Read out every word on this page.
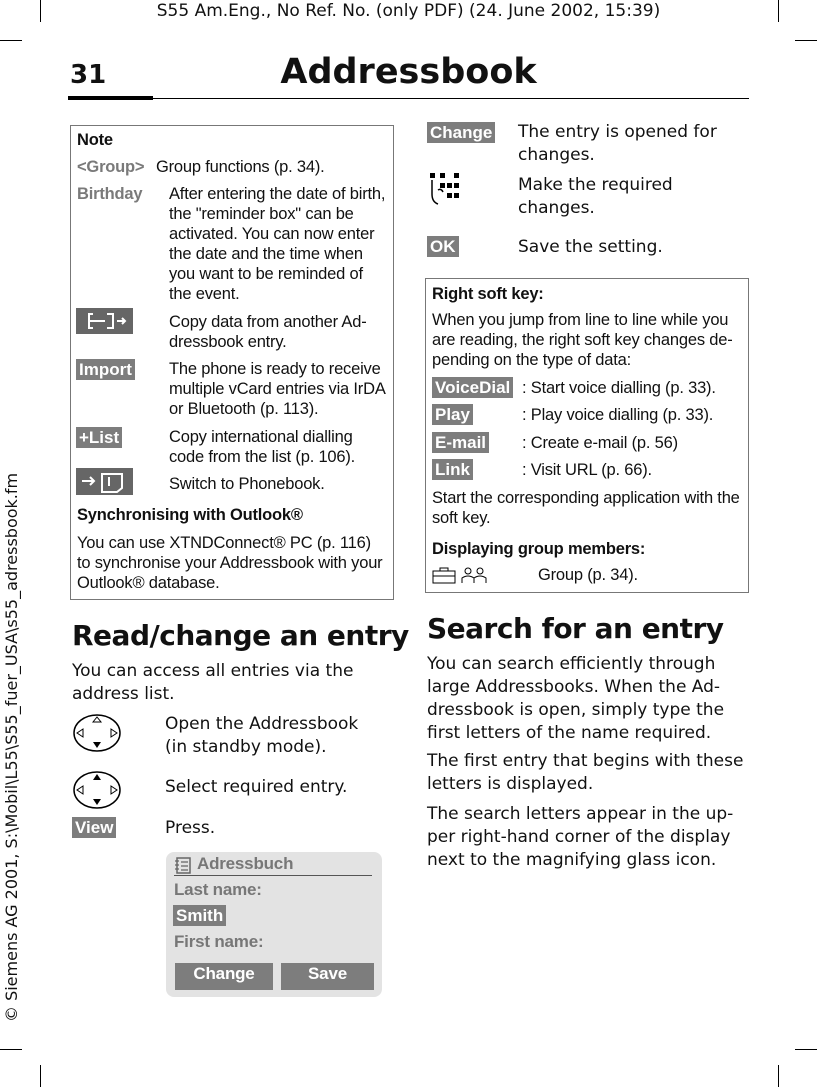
S55 Am.Eng., No Ref. No. (only PDF) (24. June 2002, 15:39)
© Siemens AG 2001, S:\Mobil\L55\S55_fuer_USA\s55_adressbook.fm
31	Addressbook
Note
<Group> Group functions (p. 34).
Birthday After entering the date of birth,
the "reminder box" can be
activated. You can now enter
the date and the time when
you want to be reminded of
the event.
Copy data from another Ad-
dressbook entry.
Import The phone is ready to receive
multiple vCard entries via IrDA
or Bluetooth (p. 113).
+List	Copy international dialling
code from the list (p. 106).
Switch to Phonebook.
Synchronising with Outlook®
You can use XTNDConnect® PC (p. 116)
to synchronise your Addressbook with your
Outlook® database.
Read/change an entry
You can access all entries via the
address list.
Open the Addressbook
(in standby mode).
Select required entry.
View	Press.
Adressbuch
Last name:
Smith
First name:
Change	Save
Change The entry is opened for
changes.
Make the required
changes.
OK	Save the setting.
Right soft key:
When you jump from line to line while you
are reading, the right soft key changes de-
pending on the type of data:
VoiceDial : Start voice dialling (p. 33).
Play	: Play voice dialling (p. 33).
E-mail : Create e-mail (p. 56)
Link	: Visit URL (p. 66).
Start the corresponding application with the
soft key.
Displaying group members:
Group (p. 34).
Search for an entry
You can search efficiently through
large Addressbooks. When the Ad-
dressbook is open, simply type the
first letters of the name required.
The first entry that begins with these
letters is displayed.
The search letters appear in the up-
per right-hand corner of the display
next to the magnifying glass icon.
